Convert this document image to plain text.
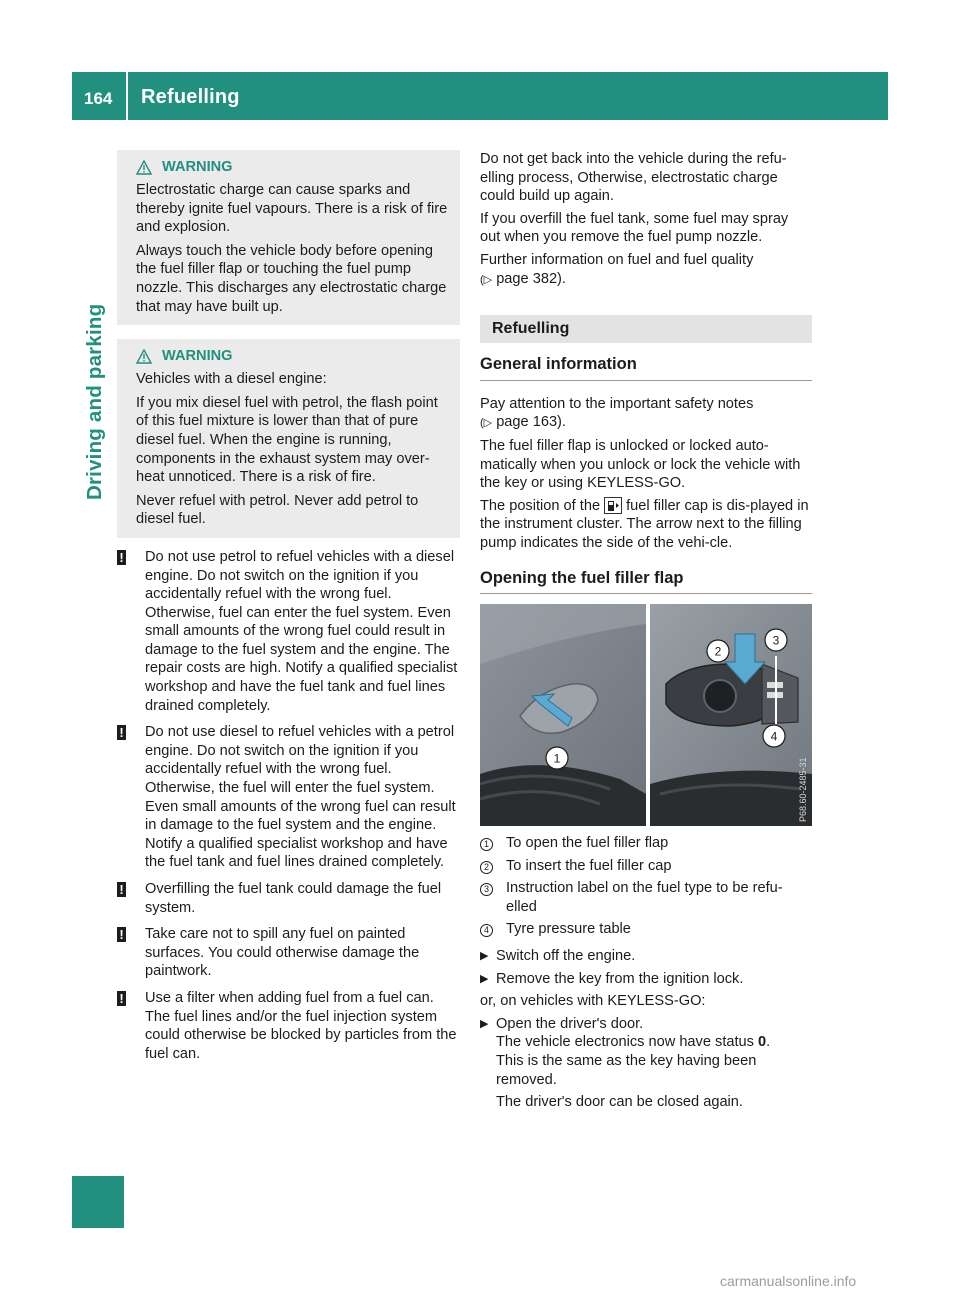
164 Refuelling
Driving and parking
WARNING

Electrostatic charge can cause sparks and thereby ignite fuel vapours. There is a risk of fire and explosion.

Always touch the vehicle body before opening the fuel filler flap or touching the fuel pump nozzle. This discharges any electrostatic charge that may have built up.

WARNING

Vehicles with a diesel engine:

If you mix diesel fuel with petrol, the flash point of this fuel mixture is lower than that of pure diesel fuel. When the engine is running, components in the exhaust system may over-heat unnoticed. There is a risk of fire.

Never refuel with petrol. Never add petrol to diesel fuel.

!	Do not use petrol to refuel vehicles with a diesel engine. Do not switch on the ignition if you accidentally refuel with the wrong fuel. Otherwise, fuel can enter the fuel system. Even small amounts of the wrong fuel could result in damage to the fuel system and the engine. The repair costs are high. Notify a qualified specialist workshop and have the fuel tank and fuel lines drained completely.
!	Do not use diesel to refuel vehicles with a petrol engine. Do not switch on the ignition if you accidentally refuel with the wrong fuel. Otherwise, the fuel will enter the fuel system. Even small amounts of the wrong fuel can result in damage to the fuel system and the engine. Notify a qualified specialist workshop and have the fuel tank and fuel lines drained completely.
!	Overfilling the fuel tank could damage the fuel system.
!	Take care not to spill any fuel on painted surfaces. You could otherwise damage the paintwork.
!	Use a filter when adding fuel from a fuel can. The fuel lines and/or the fuel injection system could otherwise be blocked by particles from the fuel can.

Do not get back into the vehicle during the refu-elling process, Otherwise, electrostatic charge could build up again.

If you overfill the fuel tank, some fuel may spray out when you remove the fuel pump nozzle.

Further information on fuel and fuel quality
(▷ page 382).

Refuelling
General information

Pay attention to the important safety notes
(▷ page 163).

The fuel filler flap is unlocked or locked auto-matically when you unlock or lock the vehicle with the key or using KEYLESS-GO.

The position of the fuel filler cap is dis-played in the instrument cluster. The arrow next to the filling pump indicates the side of the vehi-cle.

Opening the fuel filler flap
1
2
3
4
P68.60-2485-31
1	To open the fuel filler flap
2	To insert the fuel filler cap
3	Instruction label on the fuel type to be refu-elled
4	Tyre pressure table
▶ Switch off the engine.
▶ Remove the key from the ignition lock.

or, on vehicles with KEYLESS-GO:

▶ Open the driver's door.
The vehicle electronics now have status 0.
This is the same as the key having been removed.
The driver's door can be closed again.
carmanualsonline.info
